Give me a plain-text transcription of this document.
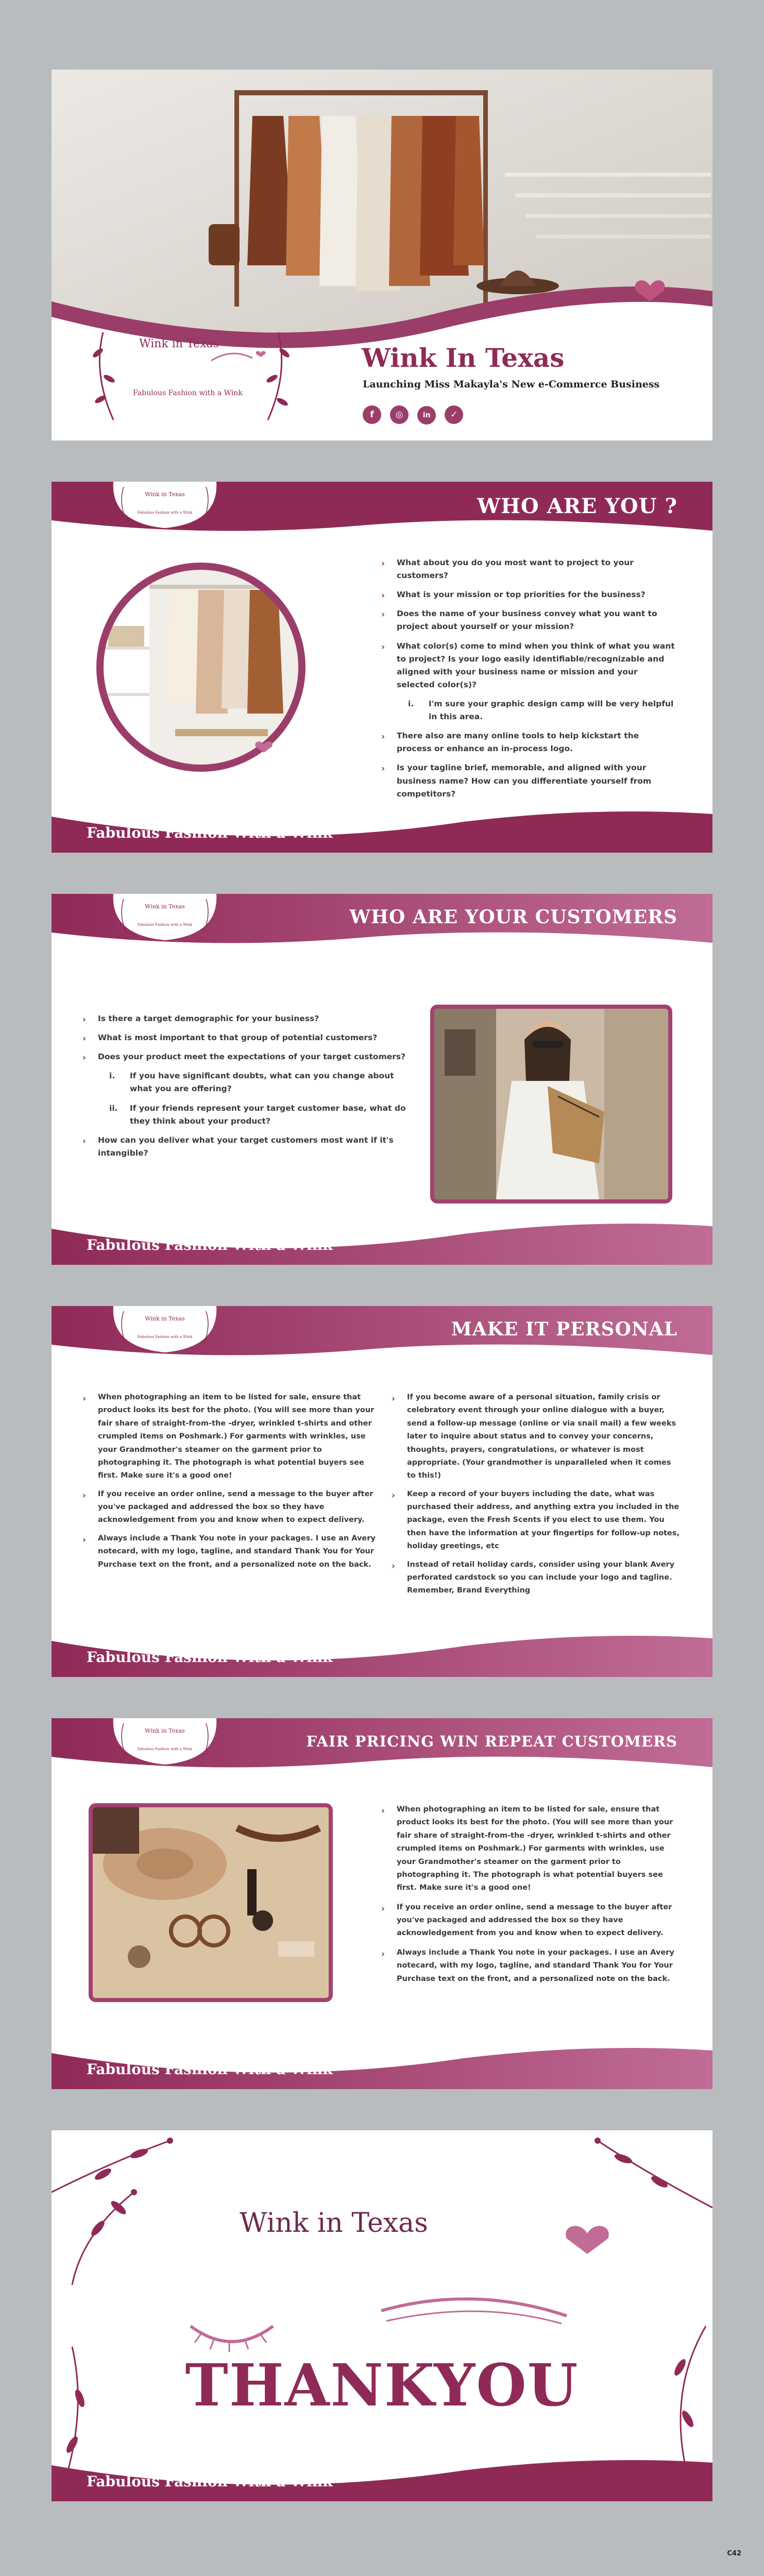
Wink in Texas
Fabulous Fashion with a Wink
Wink In Texas
Launching Miss Makayla's New e-Commerce Business
f ◎	in ✓
Wink in Texas
Fabulous Fashion with a Wink	WHO ARE YOU ?
› What about you do you most want to project to your customers?
› What is your mission or top priorities for the business?
› Does the name of your business convey what you want to project about yourself or your mission?
› What color(s) come to mind when you think of what you want to project? Is your logo easily identifiable/recognizable and aligned with your business name or mission and your selected color(s)?
i. I'm sure your graphic design camp will be very helpful in this area.
› There also are many online tools to help kickstart the process or enhance an in-process logo.
› Is your tagline brief, memorable, and aligned with your business name? How can you differentiate yourself from competitors?
Fabulous Fashion With a Wink
Wink in Texas
Fabulous Fashion with a Wink	WHO ARE YOUR CUSTOMERS
› Is there a target demographic for your business?
› What is most important to that group of potential customers?
› Does your product meet the expectations of your target customers?
i. If you have significant doubts, what can you change about what you are offering?
ii. If your friends represent your target customer base, what do they think about your product?
› How can you deliver what your target customers most want if it's intangible?
Fabulous Fashion With a Wink
Wink in Texas
Fabulous Fashion with a Wink	MAKE IT PERSONAL
› When photographing an item to be listed for sale, ensure that product looks its best for the photo. (You will see more than your fair share of straight-from-the -dryer, wrinkled t-shirts and other crumpled items on Poshmark.) For garments with wrinkles, use your Grandmother's steamer on the garment prior to photographing it. The photograph is what potential buyers see first. Make sure it's a good one!
› If you receive an order online, send a message to the buyer after you've packaged and addressed the box so they have acknowledgement from you and know when to expect delivery.
› Always include a Thank You note in your packages. I use an Avery notecard, with my logo, tagline, and standard Thank You for Your Purchase text on the front, and a personalized note on the back.
› If you become aware of a personal situation, family crisis or celebratory event through your online dialogue with a buyer, send a follow-up message (online or via snail mail) a few weeks later to inquire about status and to convey your concerns, thoughts, prayers, congratulations, or whatever is most appropriate. (Your grandmother is unparalleled when it comes to this!)
› Keep a record of your buyers including the date, what was purchased their address, and anything extra you included in the package, even the Fresh Scents if you elect to use them. You then have the information at your fingertips for follow-up notes, holiday greetings, etc
› Instead of retail holiday cards, consider using your blank Avery perforated cardstock so you can include your logo and tagline. Remember, Brand Everything
Fabulous Fashion With a Wink
Wink in Texas
Fabulous Fashion with a Wink	FAIR PRICING WIN REPEAT CUSTOMERS
› When photographing an item to be listed for sale, ensure that product looks its best for the photo. (You will see more than your fair share of straight-from-the -dryer, wrinkled t-shirts and other crumpled items on Poshmark.) For garments with wrinkles, use your Grandmother's steamer on the garment prior to photographing it. The photograph is what potential buyers see first. Make sure it's a good one!
› If you receive an order online, send a message to the buyer after you've packaged and addressed the box so they have acknowledgement from you and know when to expect delivery.
› Always include a Thank You note in your packages. I use an Avery notecard, with my logo, tagline, and standard Thank You for Your Purchase text on the front, and a personalized note on the back.
Fabulous Fashion With a Wink
Wink in Texas
THANKYOU
Fabulous Fashion With a Wink
C42
